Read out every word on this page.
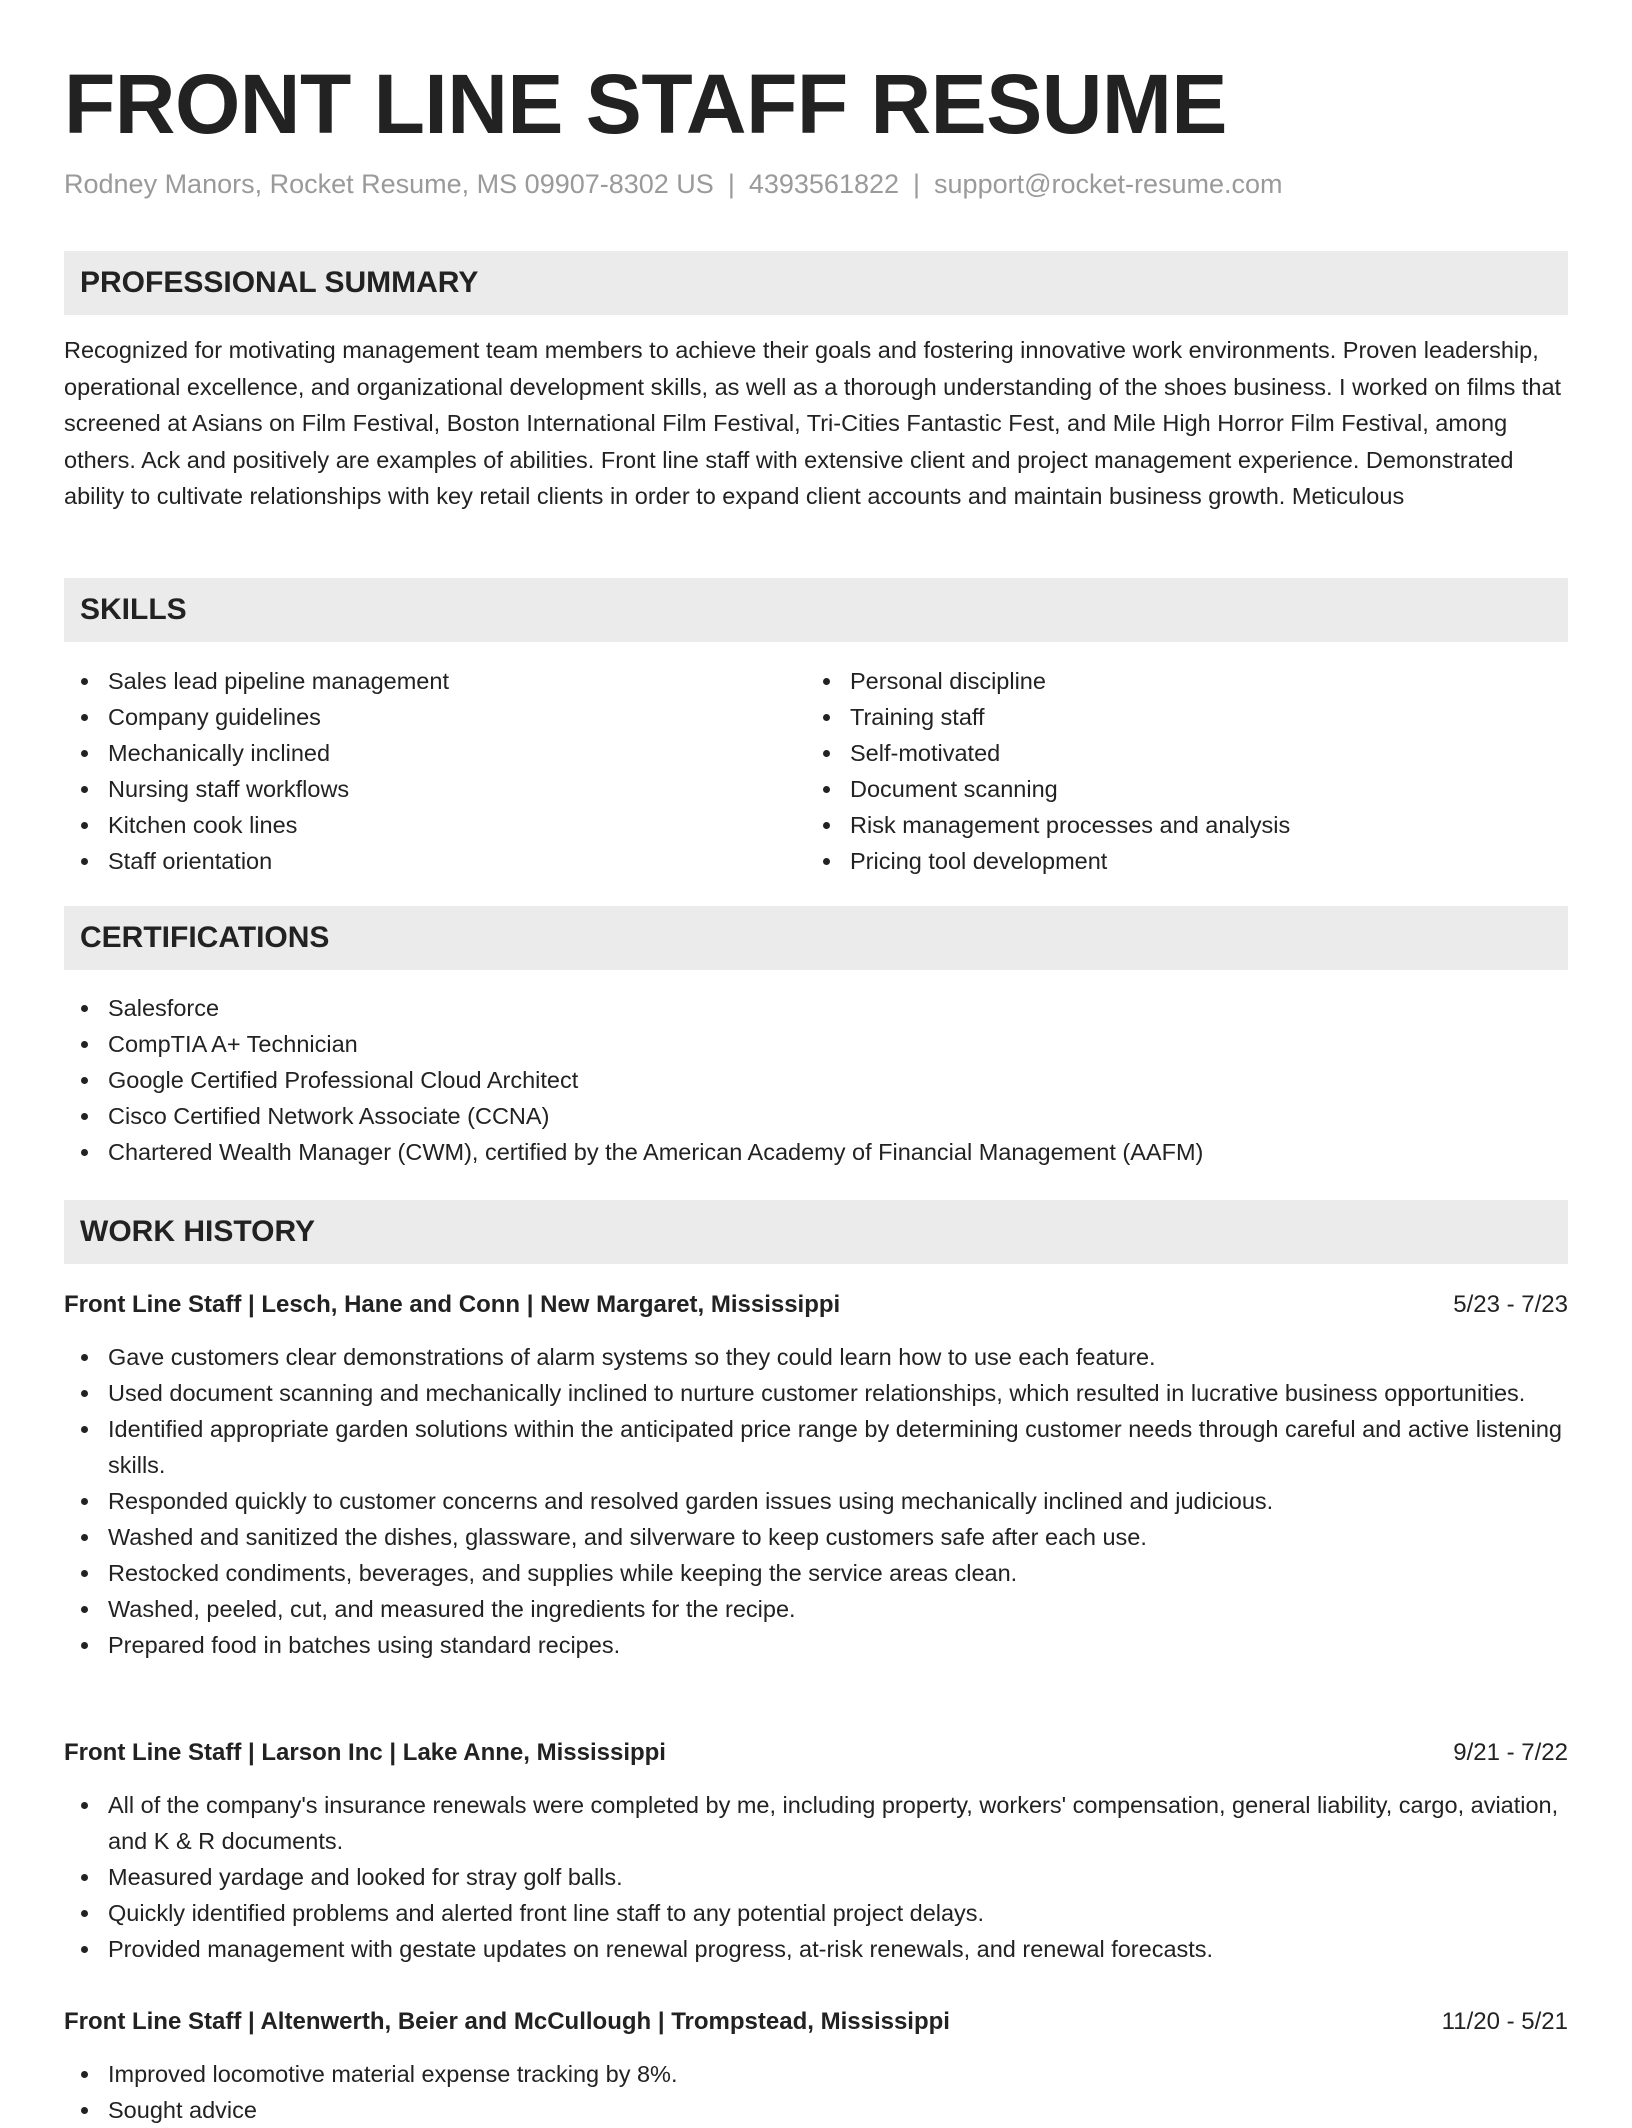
FRONT LINE STAFF RESUME
Rodney Manors, Rocket Resume, MS 09907-8302 US | 4393561822 | support@rocket-resume.com
PROFESSIONAL SUMMARY

Recognized for motivating management team members to achieve their goals and fostering innovative work environments. Proven leadership, operational excellence, and organizational development skills, as well as a thorough understanding of the shoes business. I worked on films that screened at Asians on Film Festival, Boston International Film Festival, Tri-Cities Fantastic Fest, and Mile High Horror Film Festival, among others. Ack and positively are examples of abilities. Front line staff with extensive client and project management experience. Demonstrated ability to cultivate relationships with key retail clients in order to expand client accounts and maintain business growth. Meticulous

SKILLS
Sales lead pipeline management
Company guidelines
Mechanically inclined
Nursing staff workflows
Kitchen cook lines
Staff orientation
Personal discipline
Training staff
Self-motivated
Document scanning
Risk management processes and analysis
Pricing tool development
CERTIFICATIONS
Salesforce
CompTIA A+ Technician
Google Certified Professional Cloud Architect
Cisco Certified Network Associate (CCNA)
Chartered Wealth Manager (CWM), certified by the American Academy of Financial Management (AAFM)
WORK HISTORY
Front Line Staff | Lesch, Hane and Conn | New Margaret, Mississippi	5/23 - 7/23
Gave customers clear demonstrations of alarm systems so they could learn how to use each feature.
Used document scanning and mechanically inclined to nurture customer relationships, which resulted in lucrative business opportunities.
Identified appropriate garden solutions within the anticipated price range by determining customer needs through careful and active listening skills.
Responded quickly to customer concerns and resolved garden issues using mechanically inclined and judicious.
Washed and sanitized the dishes, glassware, and silverware to keep customers safe after each use.
Restocked condiments, beverages, and supplies while keeping the service areas clean.
Washed, peeled, cut, and measured the ingredients for the recipe.
Prepared food in batches using standard recipes.
Front Line Staff | Larson Inc | Lake Anne, Mississippi	9/21 - 7/22
All of the company's insurance renewals were completed by me, including property, workers' compensation, general liability, cargo, aviation, and K & R documents.
Measured yardage and looked for stray golf balls.
Quickly identified problems and alerted front line staff to any potential project delays.
Provided management with gestate updates on renewal progress, at-risk renewals, and renewal forecasts.
Front Line Staff | Altenwerth, Beier and McCullough | Trompstead, Mississippi	11/20 - 5/21
Improved locomotive material expense tracking by 8%.
Sought advice
